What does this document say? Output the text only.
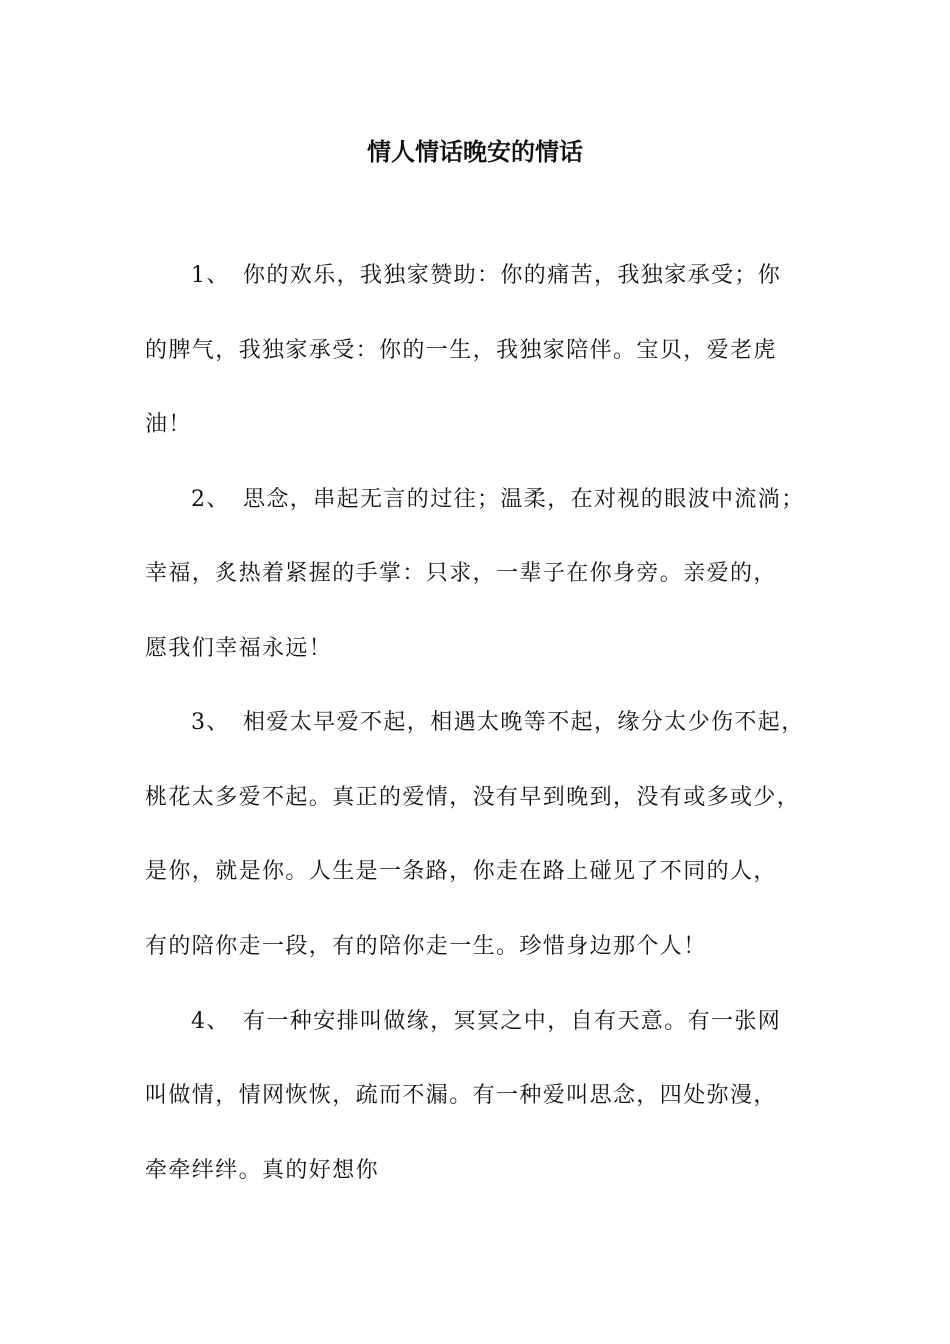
情人情话晚安的情话
1、 你的欢乐，我独家赞助：你的痛苦，我独家承受；你
的脾气，我独家承受：你的一生，我独家陪伴。宝贝，爱老虎
油！
2、 思念，串起无言的过往；温柔，在对视的眼波中流淌；
幸福，炙热着紧握的手掌：只求，一辈子在你身旁。亲爱的，
愿我们幸福永远！
3、 相爱太早爱不起，相遇太晚等不起，缘分太少伤不起，
桃花太多爱不起。真正的爱情，没有早到晚到，没有或多或少，
是你，就是你。人生是一条路，你走在路上碰见了不同的人，
有的陪你走一段，有的陪你走一生。珍惜身边那个人！
4、 有一种安排叫做缘，冥冥之中，自有天意。有一张网
叫做情，情网恢恢，疏而不漏。有一种爱叫思念，四处弥漫，
牵牵绊绊。真的好想你
